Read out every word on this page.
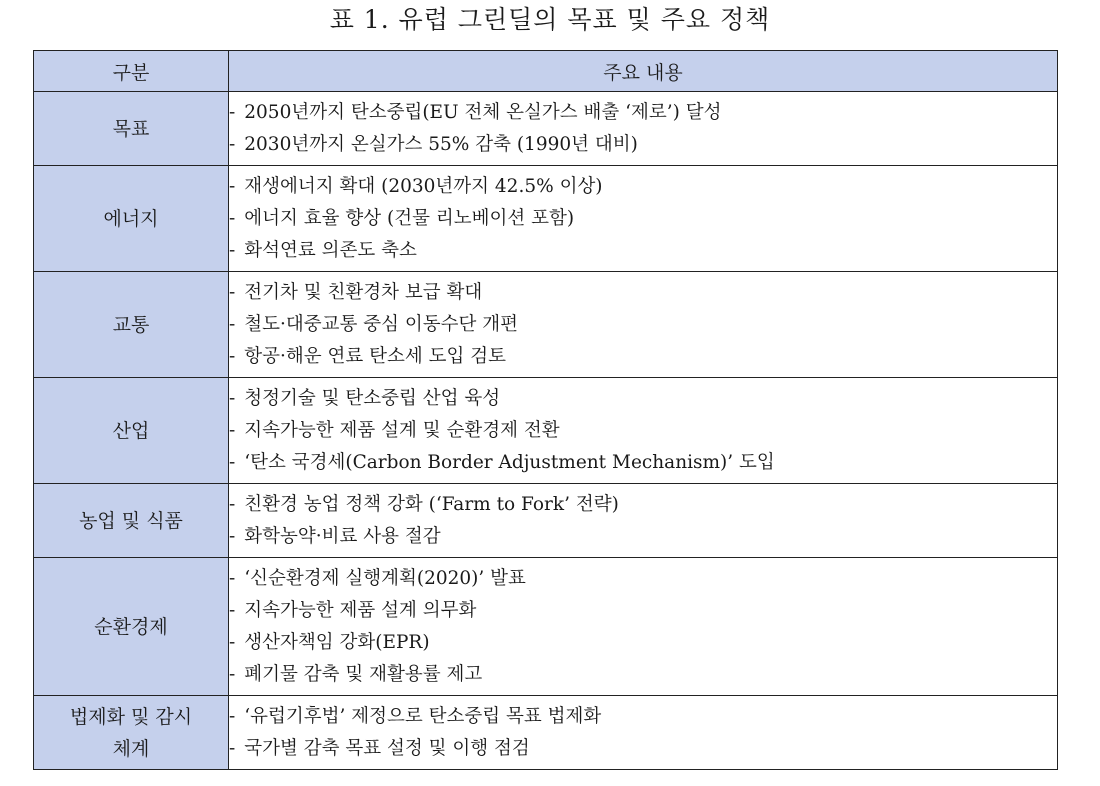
표 1. 유럽 그린딜의 목표 및 주요 정책
구분	주요 내용
목표	- 2050년까지 탄소중립(EU 전체 온실가스 배출 ‘제로’) 달성
- 2030년까지 온실가스 55% 감축 (1990년 대비)

에너지	- 재생에너지 확대 (2030년까지 42.5% 이상)
- 에너지 효율 향상 (건물 리노베이션 포함)
- 화석연료 의존도 축소

교통	- 전기차 및 친환경차 보급 확대
- 철도·대중교통 중심 이동수단 개편
- 항공·해운 연료 탄소세 도입 검토

산업	- 청정기술 및 탄소중립 산업 육성
- 지속가능한 제품 설계 및 순환경제 전환
- ‘탄소 국경세(Carbon Border Adjustment Mechanism)’ 도입

농업 및 식품	- 친환경 농업 정책 강화 (‘Farm to Fork’ 전략)
- 화학농약·비료 사용 절감

순환경제	- ‘신순환경제 실행계획(2020)’ 발표
- 지속가능한 제품 설계 의무화
- 생산자책임 강화(EPR)
- 폐기물 감축 및 재활용률 제고

법제화 및 감시 체계	- ‘유럽기후법’ 제정으로 탄소중립 목표 법제화
- 국가별 감축 목표 설정 및 이행 점검
